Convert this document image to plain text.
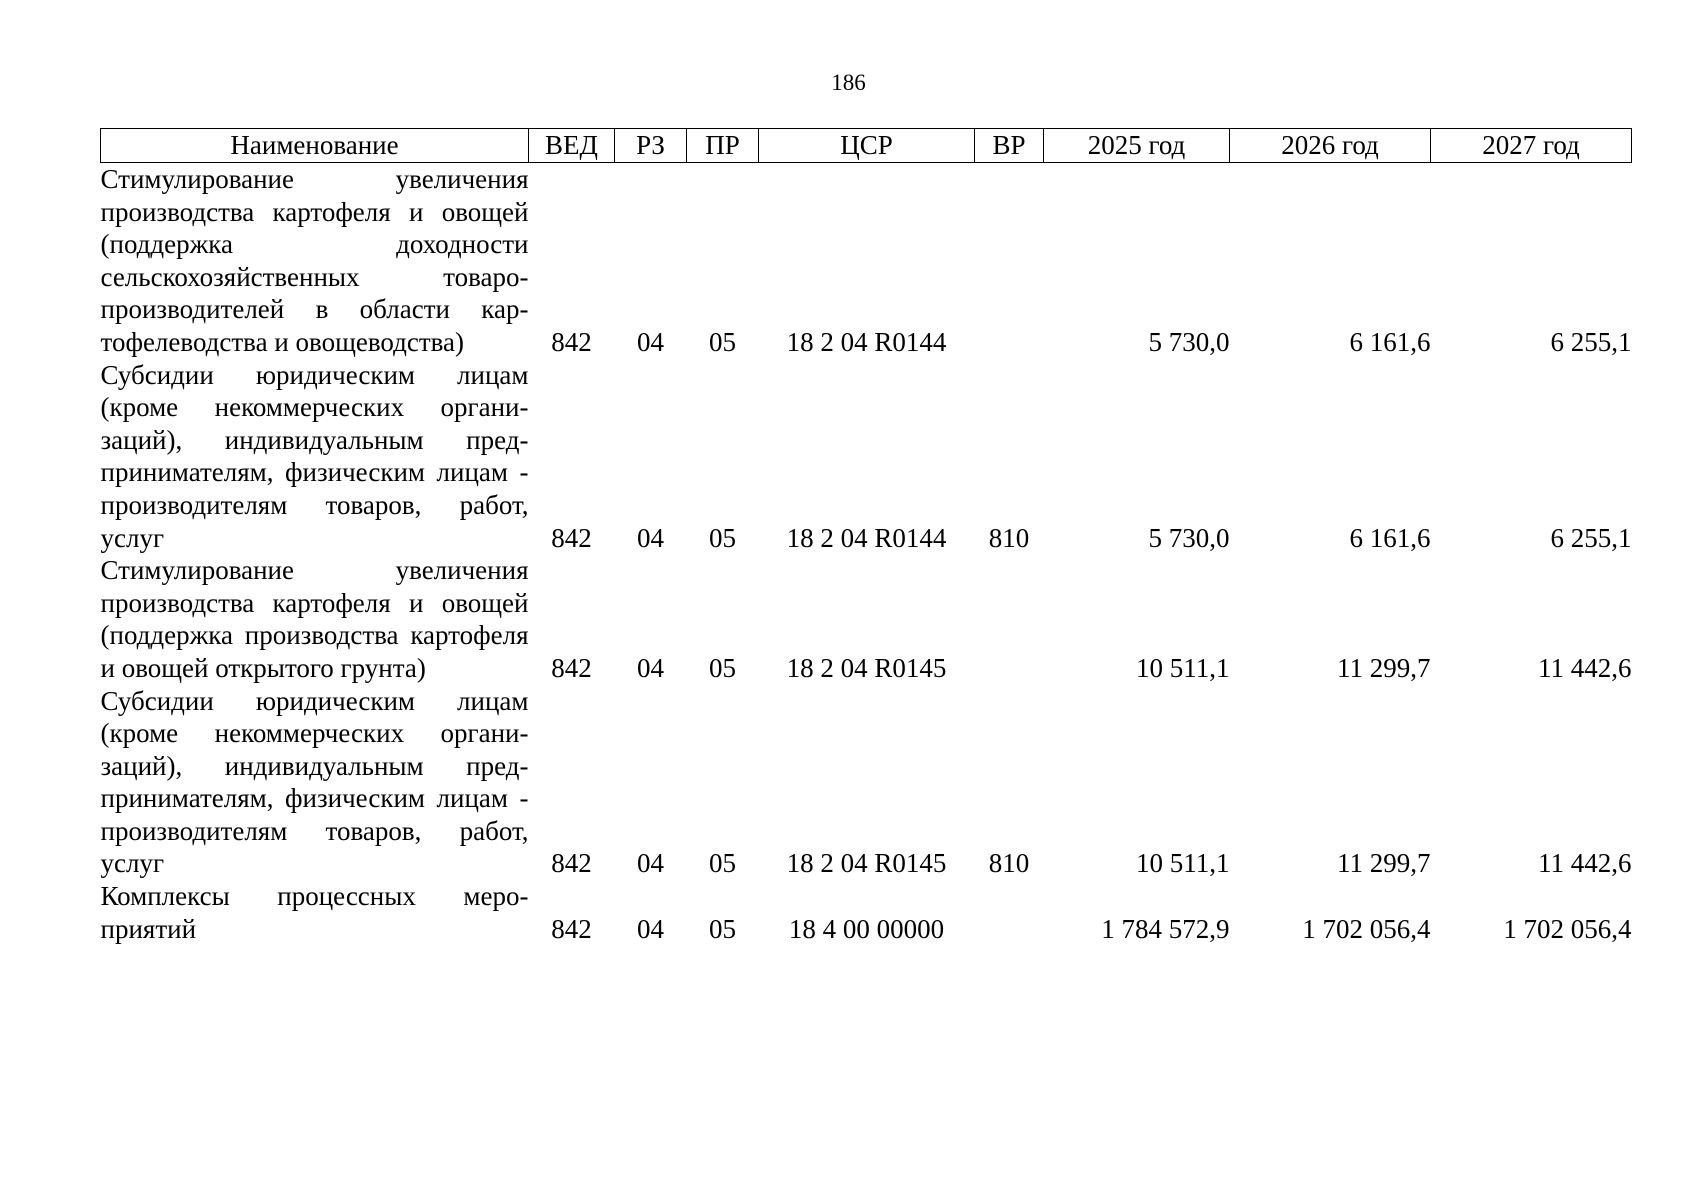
186
Наименование	ВЕД	РЗ	ПР	ЦСР	ВР	2025 год	2026 год	2027 год

Стимулирование увеличения производства картофеля и овощей (поддержка доходности сельскохозяйственных товаропроизводителей в области картофелеводства и овощеводства)	842	04	05	18 2 04 R0144		5 730,0	6 161,6	6 255,1

Субсидии юридическим лицам (кроме некоммерческих организаций), индивидуальным предпринимателям, физическим лицам - производителям товаров, работ, услуг	842	04	05	18 2 04 R0144	810	5 730,0	6 161,6	6 255,1

Стимулирование увеличения производства картофеля и овощей (поддержка производства картофеля и овощей открытого грунта)	842	04	05	18 2 04 R0145		10 511,1	11 299,7	11 442,6

Субсидии юридическим лицам (кроме некоммерческих организаций), индивидуальным предпринимателям, физическим лицам - производителям товаров, работ, услуг	842	04	05	18 2 04 R0145	810	10 511,1	11 299,7	11 442,6

Комплексы процессных мероприятий	842	04	05	18 4 00 00000		1 784 572,9	1 702 056,4	1 702 056,4
